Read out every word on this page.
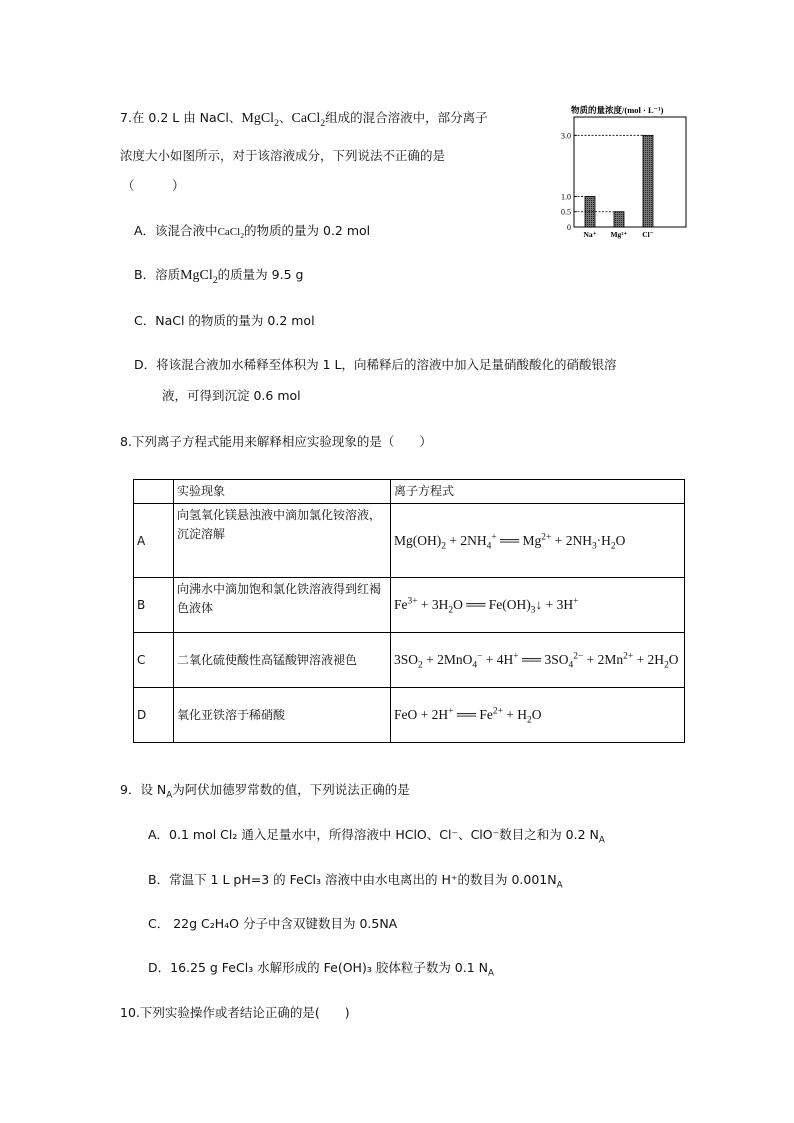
7.在 0.2 L 由 NaCl、MgCl$_2$、CaCl$_2$组成的混合溶液中，部分离子
浓度大小如图所示，对于该溶液成分，下列说法不正确的是
（　　　）
A．该混合液中CaCl$_2$的物质的量为 0.2 mol
B．溶质MgCl$_2$的质量为 9.5 g
C．NaCl 的物质的量为 0.2 mol
D．将该混合液加水稀释至体积为 1 L，向稀释后的溶液中加入足量硝酸酸化的硝酸银溶
液，可得到沉淀 0.6 mol
物质的量浓度/(mol · L⁻¹)
3.0
1.0
0.5
0
Na⁺ Mg²⁺ Cl⁻
8.下列离子方程式能用来解释相应实验现象的是（　　）
	实验现象	离子方程式
A	向氢氧化镁悬浊液中滴加氯化铵溶液，沉淀溶解	$Mg(OH)_2 + 2NH_4^+$ ══ $Mg^{2+} + 2NH_3\cdot H_2O$
B	向沸水中滴加饱和氯化铁溶液得到红褐色液体	$Fe^{3+} + 3H_2O$ ══ $Fe(OH)_3↓ + 3H^+$
C	二氧化硫使酸性高锰酸钾溶液褪色	$3SO_2 + 2MnO_4^- + 4H^+$ ══ $3SO_4^{2-} + 2Mn^{2+} + 2H_2O$
D	氧化亚铁溶于稀硝酸	FeO + 2H+ ══ $Fe^{2+} + H_2O$
9．设 $N_A$为阿伏加德罗常数的值，下列说法正确的是
A．0.1 mol Cl₂ 通入足量水中，所得溶液中 HClO、Cl⁻、ClO⁻数目之和为 0.2 $N_A$
B．常温下 1 L pH=3 的 FeCl₃ 溶液中由水电离出的 H⁺的数目为 $0.001N_A$
C． 22g C₂H₄O 分子中含双键数目为 0.5NA
D．16.25 g FeCl₃ 水解形成的 Fe(OH)₃ 胶体粒子数为 0.1 $N_A$
10.下列实验操作或者结论正确的是(　　)
